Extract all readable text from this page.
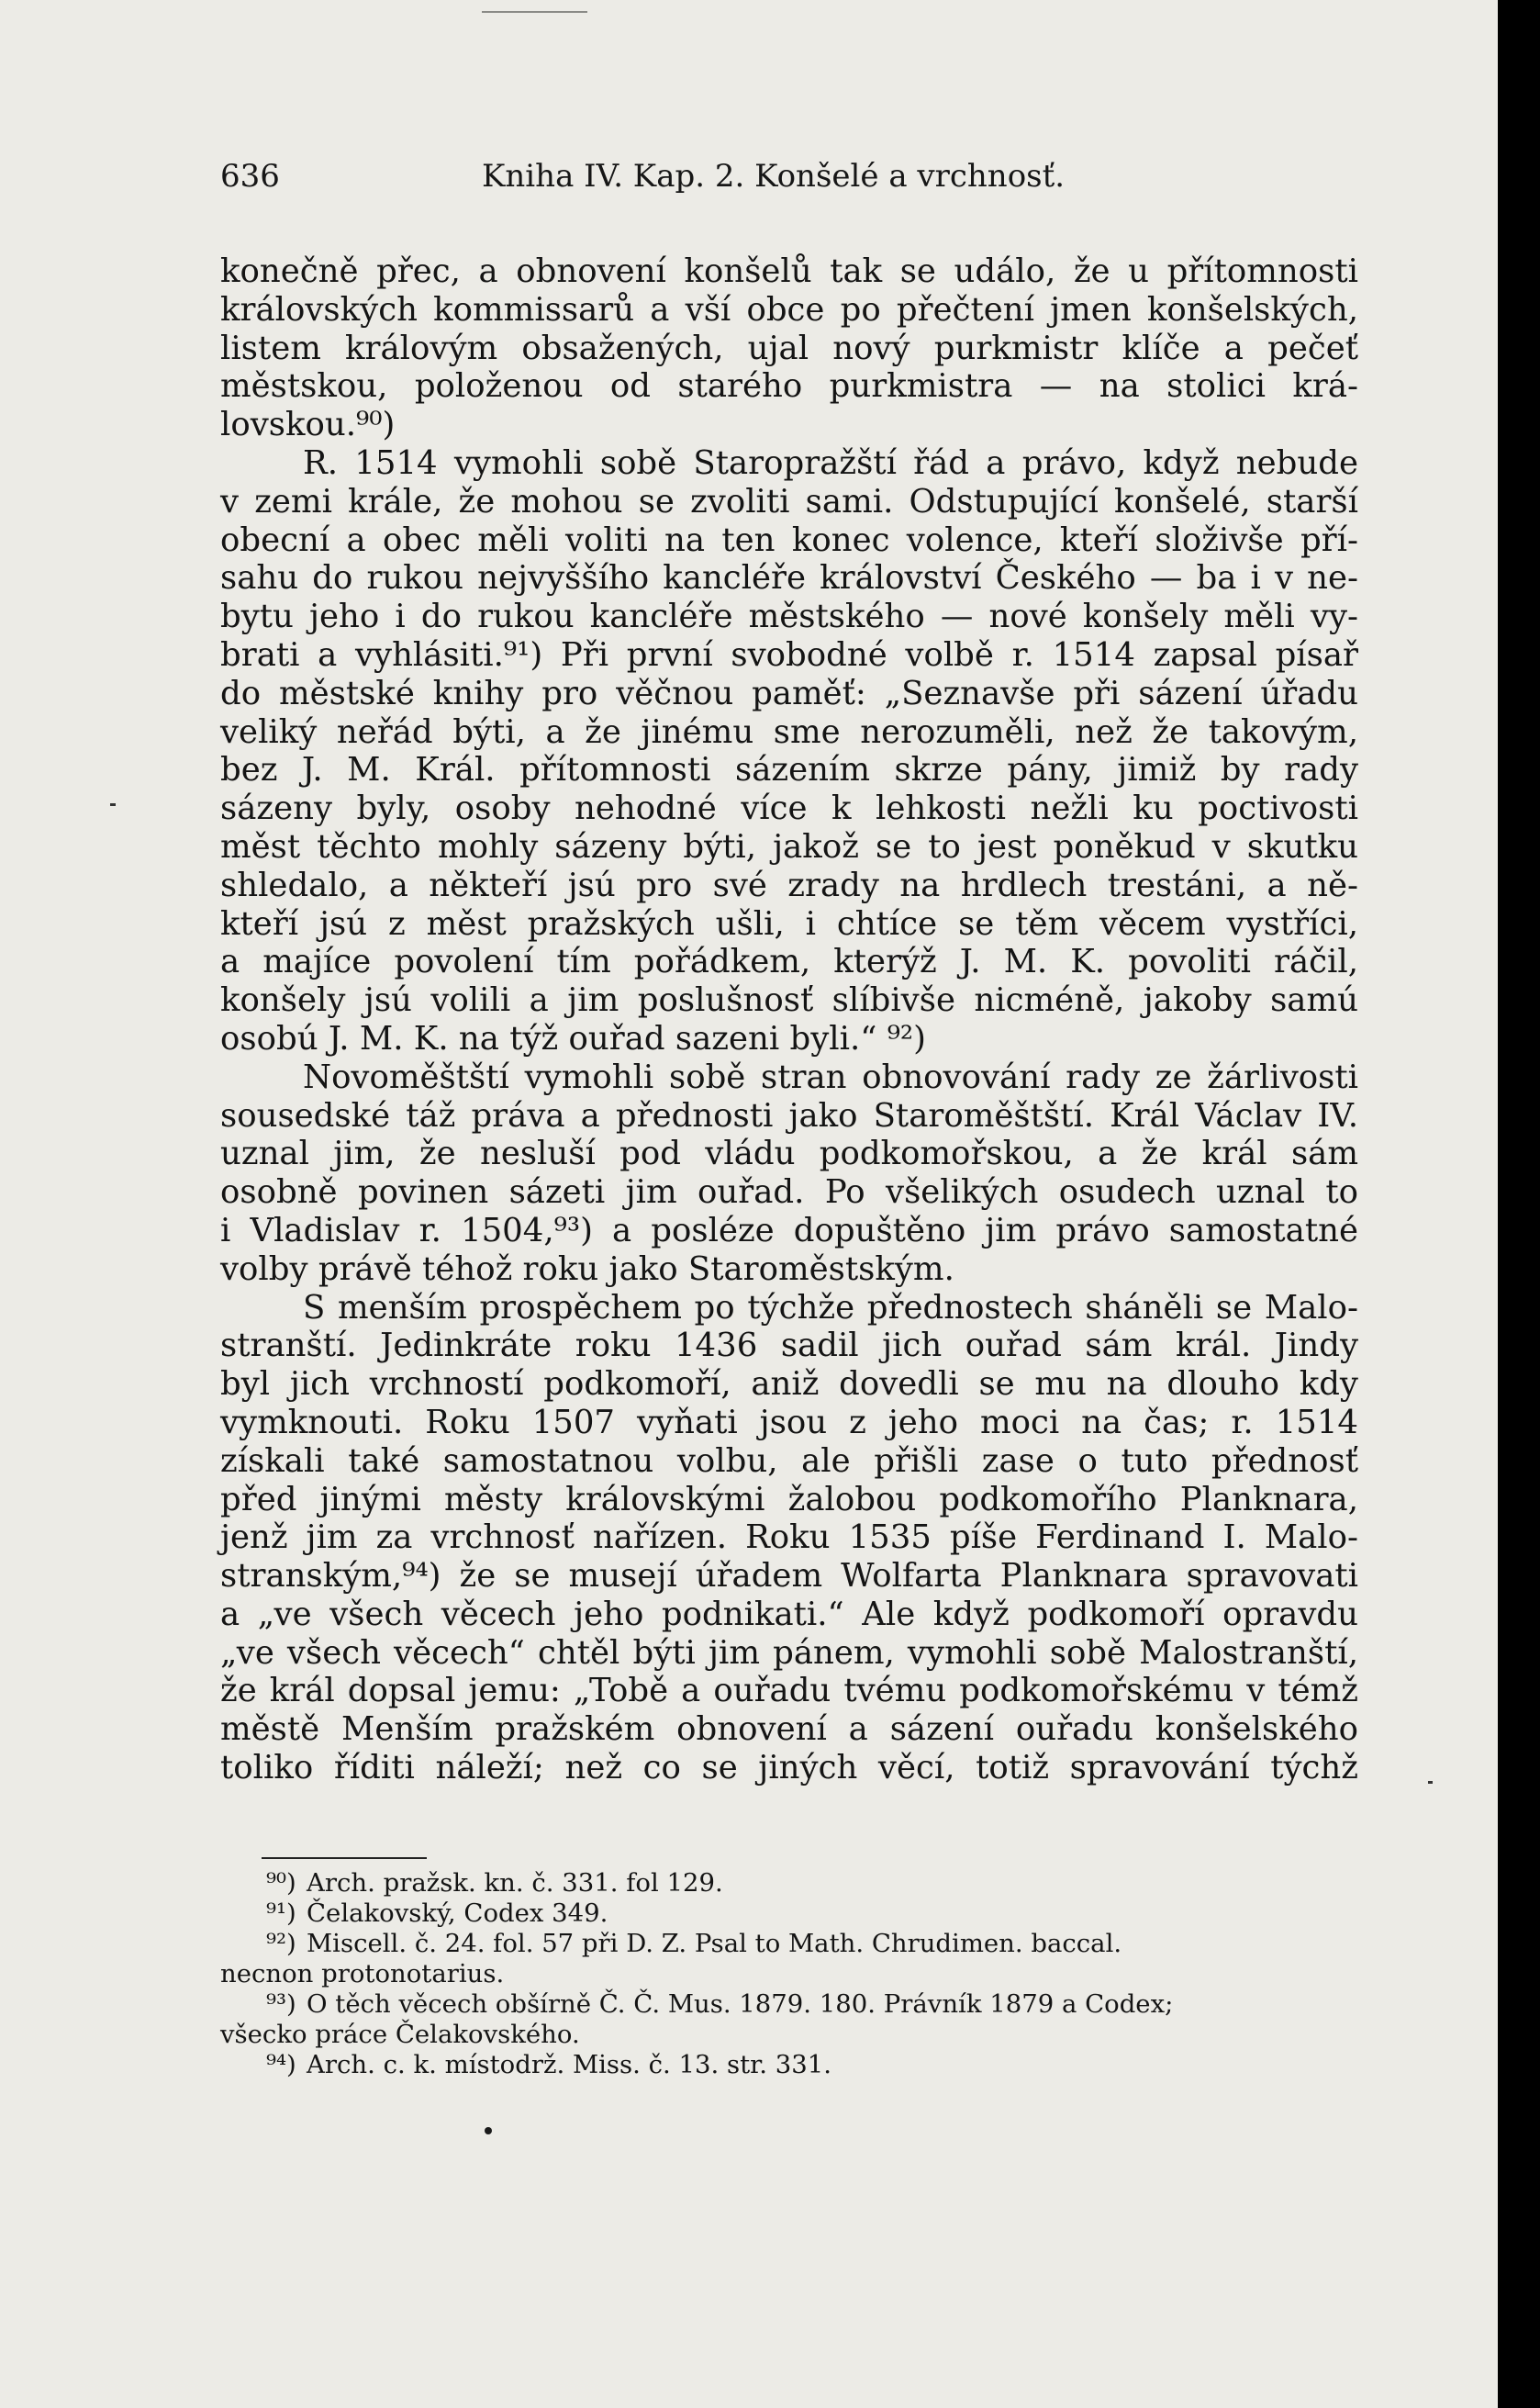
636	Kniha IV. Kap. 2. Konšelé a vrchnosť.

konečně přec, a obnovení konšelů tak se událo, že u přítomnosti

královských kommissarů a vší obce po přečtení jmen konšelských,

listem královým obsažených, ujal nový purkmistr klíče a pečeť

městskou, položenou od starého purkmistra — na stolici krá-

lovskou.⁹⁰)

R. 1514 vymohli sobě Staropražští řád a právo, když nebude

v zemi krále, že mohou se zvoliti sami. Odstupující konšelé, starší

obecní a obec měli voliti na ten konec volence, kteří složivše pří-

sahu do rukou nejvyššího kancléře království Českého — ba i v ne-

bytu jeho i do rukou kancléře městského — nové konšely měli vy-

brati a vyhlásiti.⁹¹) Při první svobodné volbě r. 1514 zapsal písař

do městské knihy pro věčnou paměť: „Seznavše při sázení úřadu

veliký neřád býti, a že jinému sme nerozuměli, než že takovým,

bez J. M. Král. přítomnosti sázením skrze pány, jimiž by rady

sázeny byly, osoby nehodné více k lehkosti nežli ku poctivosti

měst těchto mohly sázeny býti, jakož se to jest poněkud v skutku

shledalo, a někteří jsú pro své zrady na hrdlech trestáni, a ně-

kteří jsú z měst pražských ušli, i chtíce se těm věcem vystříci,

a majíce povolení tím pořádkem, kterýž J. M. K. povoliti ráčil,

konšely jsú volili a jim poslušnosť slíbivše nicméně, jakoby samú

osobú J. M. K. na týž ouřad sazeni byli.“ ⁹²)

Novoměštští vymohli sobě stran obnovování rady ze žárlivosti

sousedské táž práva a přednosti jako Staroměštští. Král Václav IV.

uznal jim, že nesluší pod vládu podkomořskou, a že král sám

osobně povinen sázeti jim ouřad. Po všelikých osudech uznal to

i Vladislav r. 1504,⁹³) a posléze dopuštěno jim právo samostatné

volby právě téhož roku jako Staroměstským.

S menším prospěchem po týchže přednostech sháněli se Malo-

stranští. Jedinkráte roku 1436 sadil jich ouřad sám král. Jindy

byl jich vrchností podkomoří, aniž dovedli se mu na dlouho kdy

vymknouti. Roku 1507 vyňati jsou z jeho moci na čas; r. 1514

získali také samostatnou volbu, ale přišli zase o tuto přednosť

před jinými městy královskými žalobou podkomořího Planknara,

jenž jim za vrchnosť nařízen. Roku 1535 píše Ferdinand I. Malo-

stranským,⁹⁴) že se musejí úřadem Wolfarta Planknara spravovati

a „ve všech věcech jeho podnikati.“ Ale když podkomoří opravdu

„ve všech věcech“ chtěl býti jim pánem, vymohli sobě Malostranští,

že král dopsal jemu: „Tobě a ouřadu tvému podkomořskému v témž

městě Menším pražském obnovení a sázení ouřadu konšelského

toliko říditi náleží; než co se jiných věcí, totiž spravování týchž

⁹⁰) Arch. pražsk. kn. č. 331. fol 129.

⁹¹) Čelakovský, Codex 349.

⁹²) Miscell. č. 24. fol. 57 při D. Z. Psal to Math. Chrudimen. baccal.

necnon protonotarius.

⁹³) O těch věcech obšírně Č. Č. Mus. 1879. 180. Právník 1879 a Codex;

všecko práce Čelakovského.

⁹⁴) Arch. c. k. místodrž. Miss. č. 13. str. 331.
